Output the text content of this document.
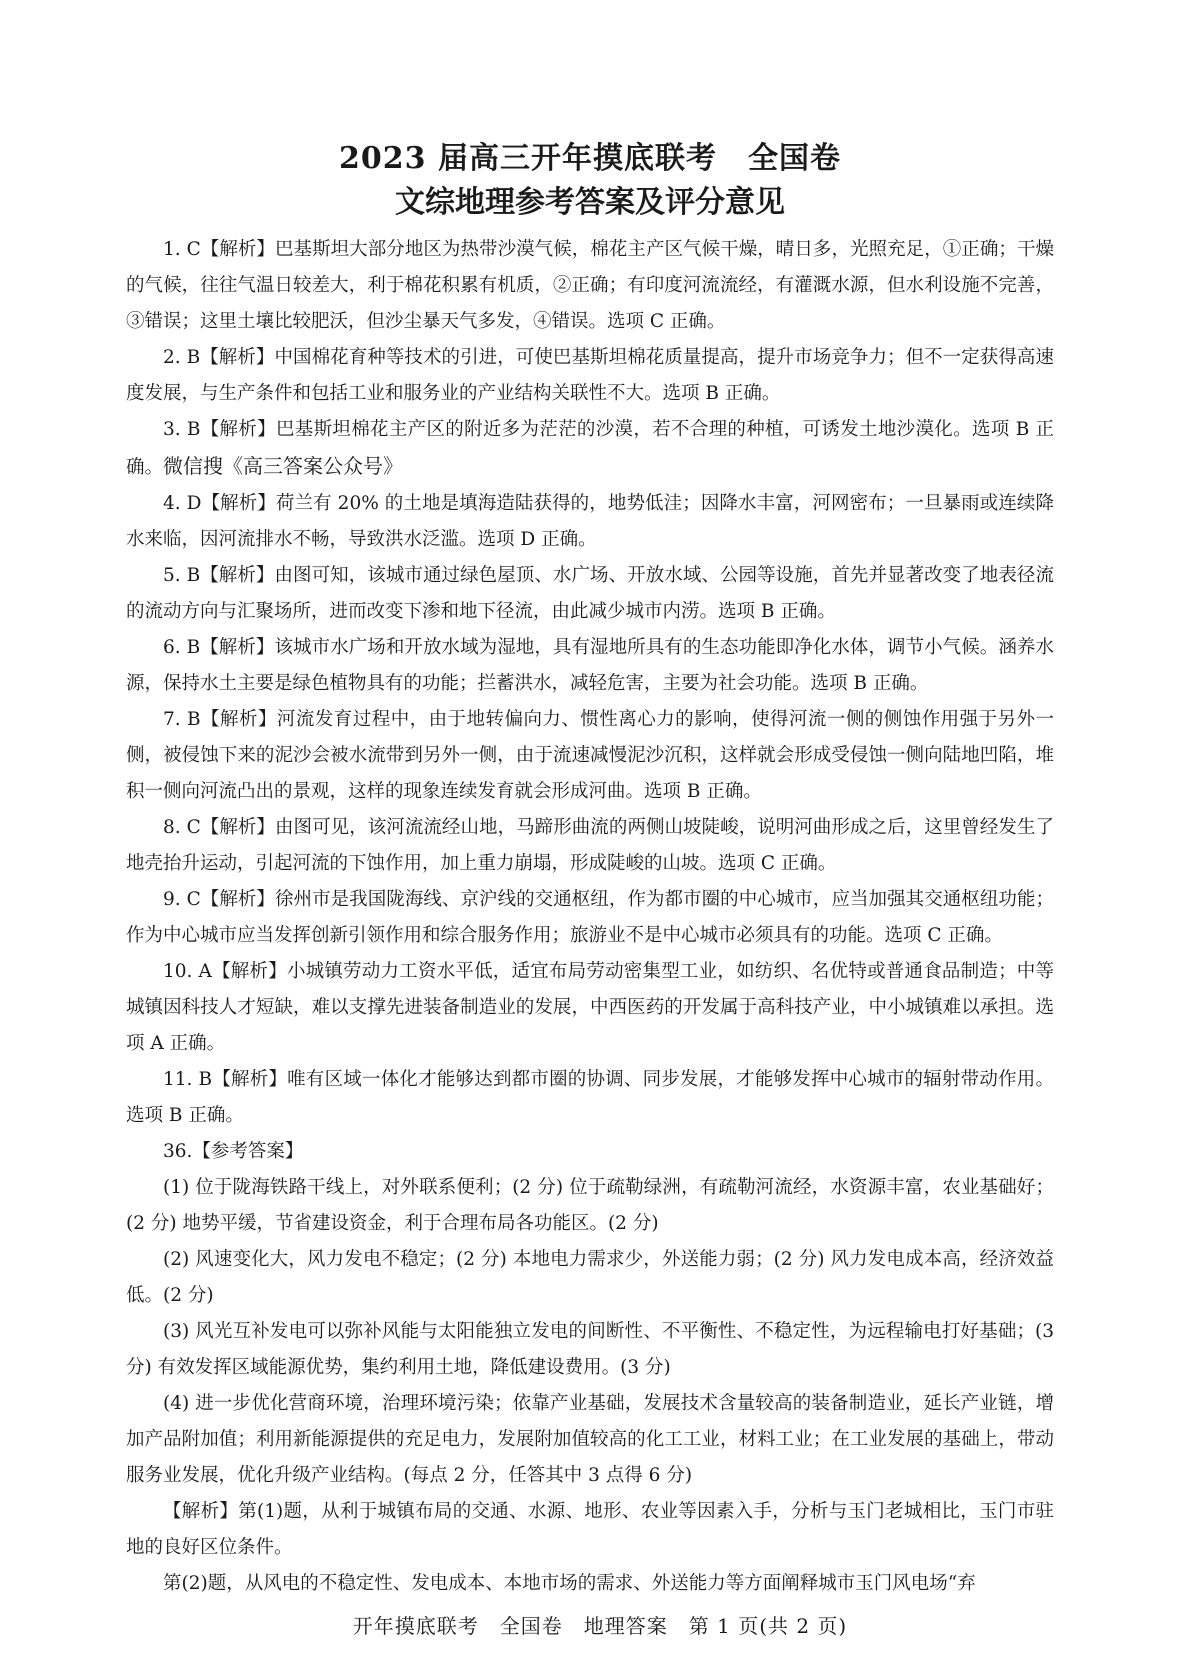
2023 届高三开年摸底联考　全国卷
文综地理参考答案及评分意见

1. C【解析】巴基斯坦大部分地区为热带沙漠气候，棉花主产区气候干燥，晴日多，光照充足，①正确；干燥的气候，往往气温日较差大，利于棉花积累有机质，②正确；有印度河流流经，有灌溉水源，但水利设施不完善，③错误；这里土壤比较肥沃，但沙尘暴天气多发，④错误。选项 C 正确。

2. B【解析】中国棉花育种等技术的引进，可使巴基斯坦棉花质量提高，提升市场竞争力；但不一定获得高速度发展，与生产条件和包括工业和服务业的产业结构关联性不大。选项 B 正确。

3. B【解析】巴基斯坦棉花主产区的附近多为茫茫的沙漠，若不合理的种植，可诱发土地沙漠化。选项 B 正确。微信搜《高三答案公众号》

4. D【解析】荷兰有 20% 的土地是填海造陆获得的，地势低洼；因降水丰富，河网密布；一旦暴雨或连续降水来临，因河流排水不畅，导致洪水泛滥。选项 D 正确。

5. B【解析】由图可知，该城市通过绿色屋顶、水广场、开放水域、公园等设施，首先并显著改变了地表径流的流动方向与汇聚场所，进而改变下渗和地下径流，由此减少城市内涝。选项 B 正确。

6. B【解析】该城市水广场和开放水域为湿地，具有湿地所具有的生态功能即净化水体，调节小气候。涵养水源，保持水土主要是绿色植物具有的功能；拦蓄洪水，减轻危害，主要为社会功能。选项 B 正确。

7. B【解析】河流发育过程中，由于地转偏向力、惯性离心力的影响，使得河流一侧的侧蚀作用强于另外一侧，被侵蚀下来的泥沙会被水流带到另外一侧，由于流速减慢泥沙沉积，这样就会形成受侵蚀一侧向陆地凹陷，堆积一侧向河流凸出的景观，这样的现象连续发育就会形成河曲。选项 B 正确。

8. C【解析】由图可见，该河流流经山地，马蹄形曲流的两侧山坡陡峻，说明河曲形成之后，这里曾经发生了地壳抬升运动，引起河流的下蚀作用，加上重力崩塌，形成陡峻的山坡。选项 C 正确。

9. C【解析】徐州市是我国陇海线、京沪线的交通枢纽，作为都市圈的中心城市，应当加强其交通枢纽功能；作为中心城市应当发挥创新引领作用和综合服务作用；旅游业不是中心城市必须具有的功能。选项 C 正确。

10. A【解析】小城镇劳动力工资水平低，适宜布局劳动密集型工业，如纺织、名优特或普通食品制造；中等城镇因科技人才短缺，难以支撑先进装备制造业的发展，中西医药的开发属于高科技产业，中小城镇难以承担。选项 A 正确。

11. B【解析】唯有区域一体化才能够达到都市圈的协调、同步发展，才能够发挥中心城市的辐射带动作用。选项 B 正确。

36.【参考答案】

(1) 位于陇海铁路干线上，对外联系便利；(2 分) 位于疏勒绿洲，有疏勒河流经，水资源丰富，农业基础好；(2 分) 地势平缓，节省建设资金，利于合理布局各功能区。(2 分)

(2) 风速变化大，风力发电不稳定；(2 分) 本地电力需求少，外送能力弱；(2 分) 风力发电成本高，经济效益低。(2 分)

(3) 风光互补发电可以弥补风能与太阳能独立发电的间断性、不平衡性、不稳定性，为远程输电打好基础；(3 分) 有效发挥区域能源优势，集约利用土地，降低建设费用。(3 分)

(4) 进一步优化营商环境，治理环境污染；依靠产业基础，发展技术含量较高的装备制造业，延长产业链，增加产品附加值；利用新能源提供的充足电力，发展附加值较高的化工工业，材料工业；在工业发展的基础上，带动服务业发展，优化升级产业结构。(每点 2 分，任答其中 3 点得 6 分)

【解析】第(1)题，从利于城镇布局的交通、水源、地形、农业等因素入手，分析与玉门老城相比，玉门市驻地的良好区位条件。

第(2)题，从风电的不稳定性、发电成本、本地市场的需求、外送能力等方面阐释城市玉门风电场“弃

开年摸底联考　全国卷　地理答案　第 1 页(共 2 页)
